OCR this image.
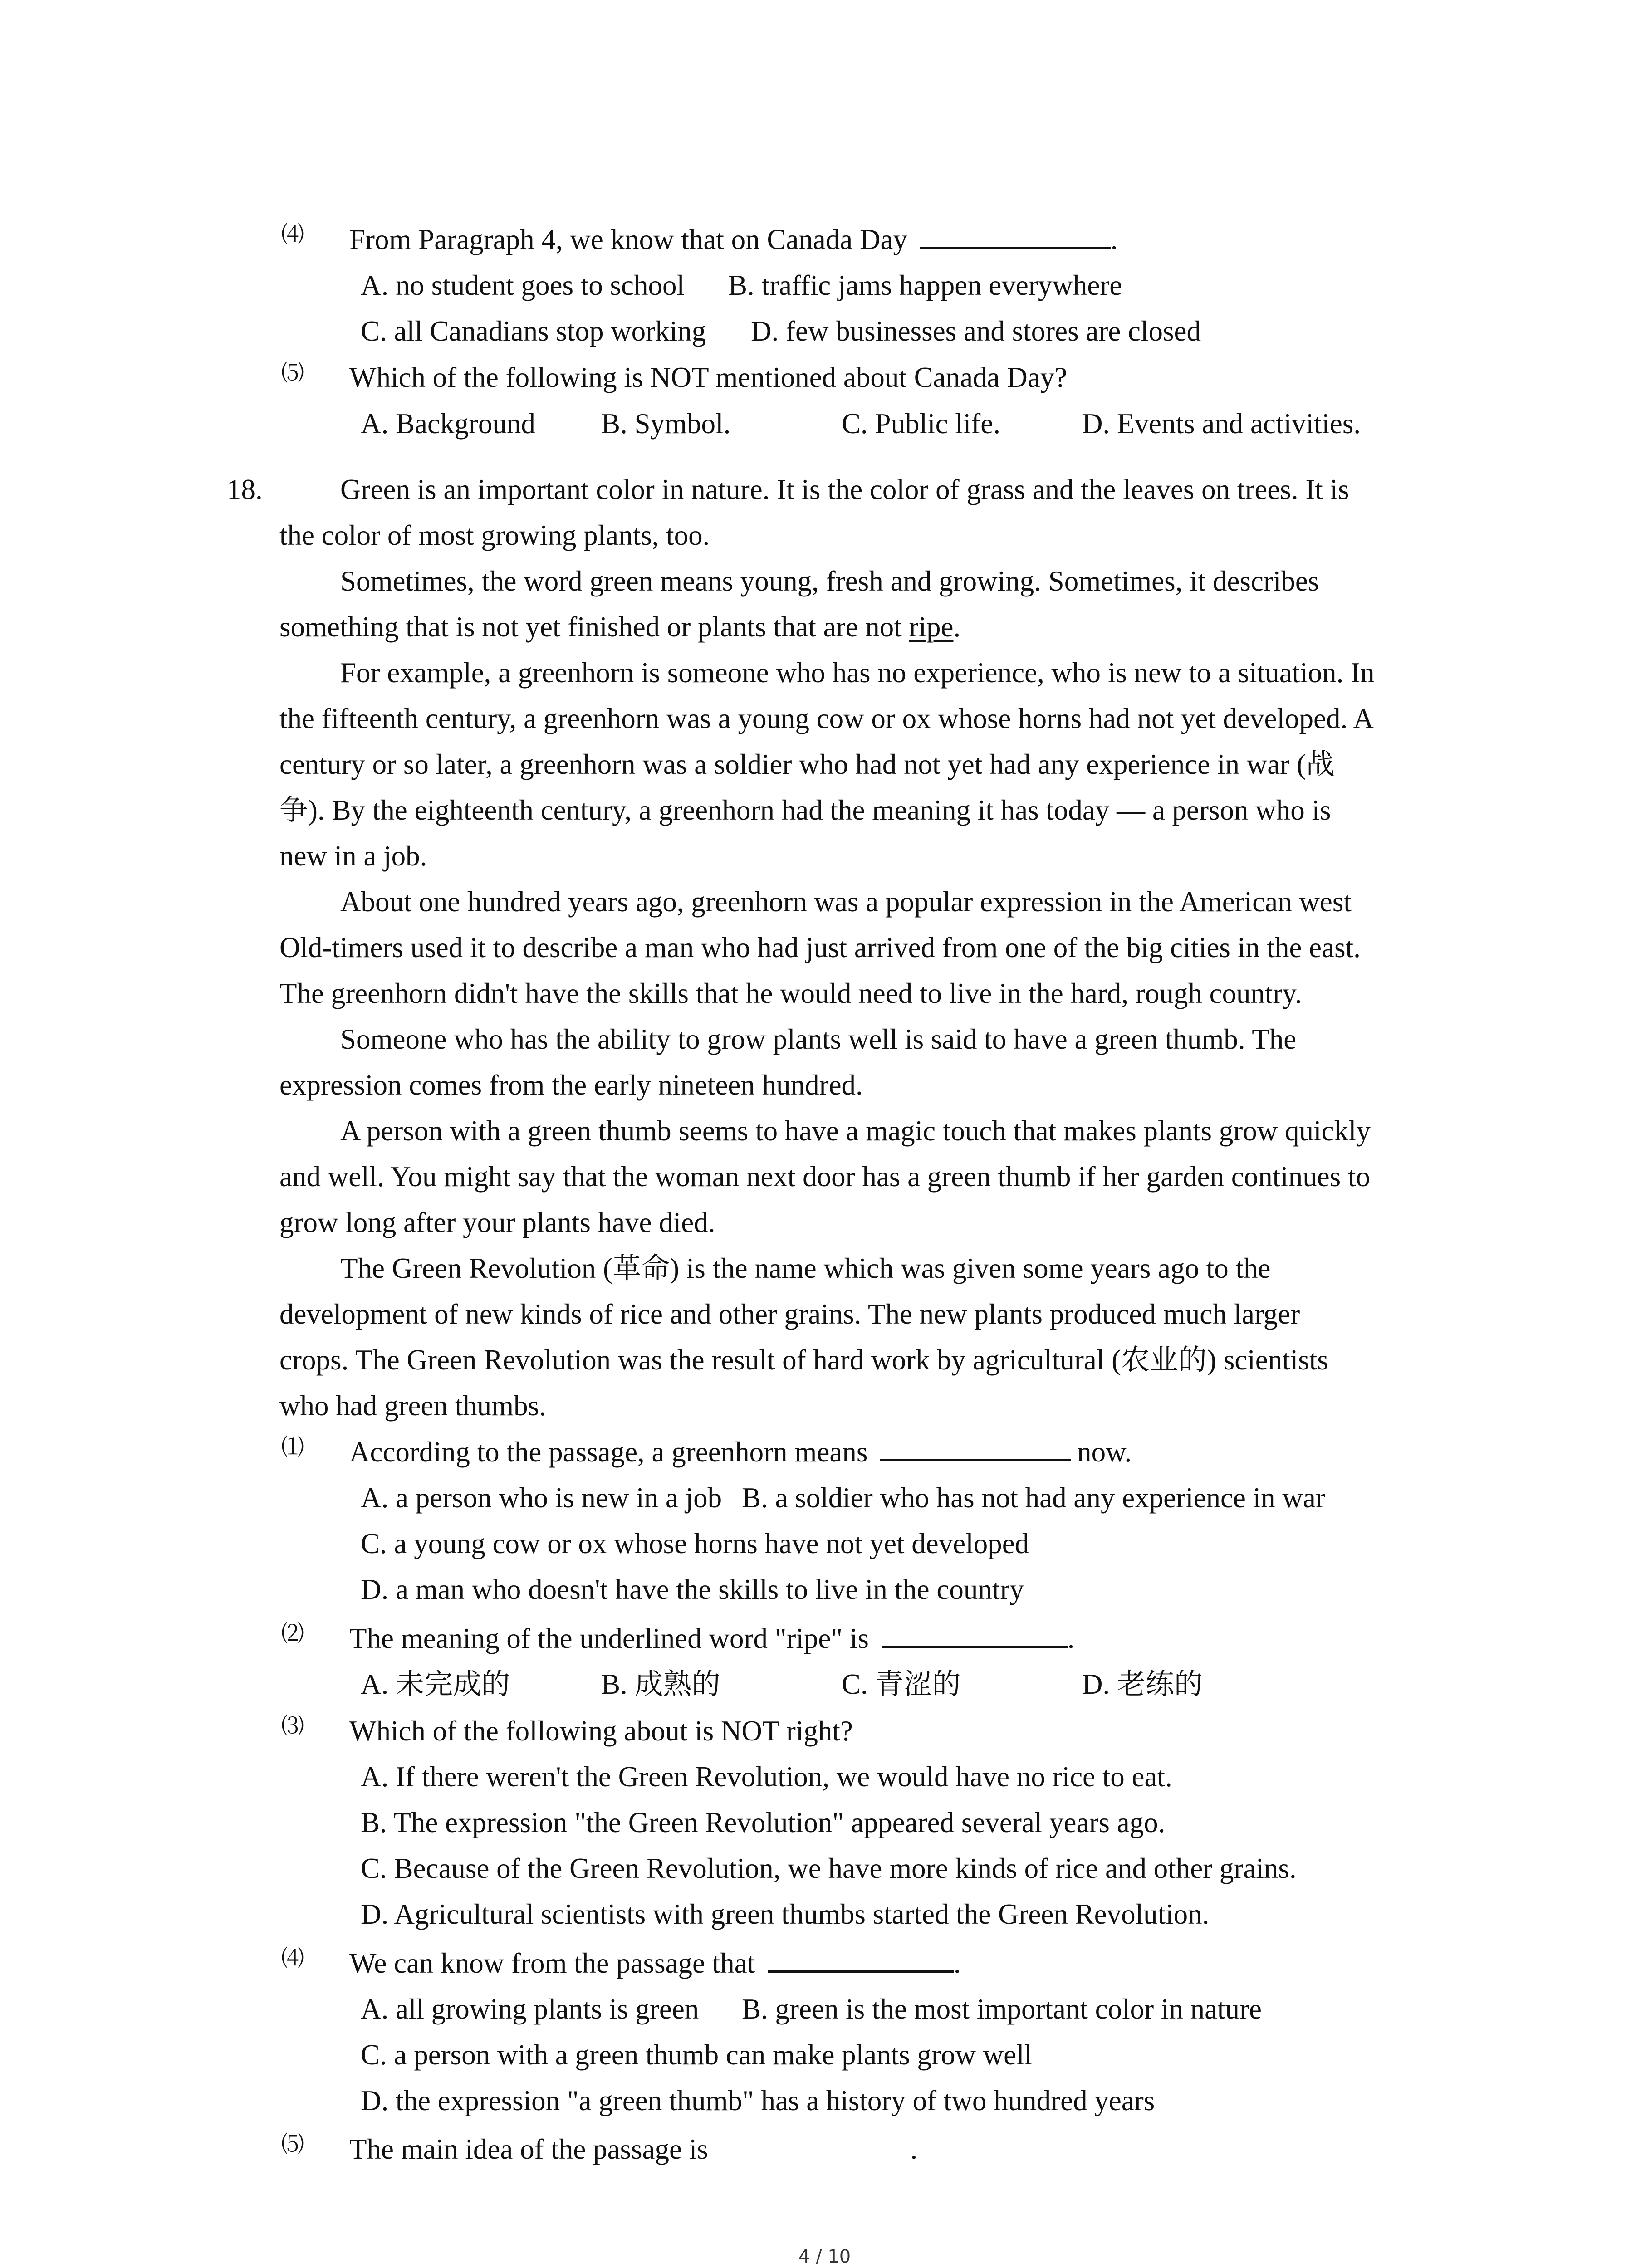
⑷ From Paragraph 4, we know that on Canada Day	.
A. no student goes to school B. traffic jams happen everywhere
C. all Canadians stop working D. few businesses and stores are closed
⑸ Which of the following is NOT mentioned about Canada Day?
A. Background B. Symbol.	C. Public life.	D. Events and activities.
18.	Green is an important color in nature. It is the color of grass and the leaves on trees. It is
the color of most growing plants, too.
Sometimes, the word green means young, fresh and growing. Sometimes, it describes
something that is not yet finished or plants that are not ripe.
For example, a greenhorn is someone who has no experience, who is new to a situation. In
the fifteenth century, a greenhorn was a young cow or ox whose horns had not yet developed. A
century or so later, a greenhorn was a soldier who had not yet had any experience in war (战
争). By the eighteenth century, a greenhorn had the meaning it has today — a person who is
new in a job.
About one hundred years ago, greenhorn was a popular expression in the American west
Old-timers used it to describe a man who had just arrived from one of the big cities in the east.
The greenhorn didn't have the skills that he would need to live in the hard, rough country.
Someone who has the ability to grow plants well is said to have a green thumb. The
expression comes from the early nineteen hundred.
A person with a green thumb seems to have a magic touch that makes plants grow quickly
and well. You might say that the woman next door has a green thumb if her garden continues to
grow long after your plants have died.
The Green Revolution (革命) is the name which was given some years ago to the
development of new kinds of rice and other grains. The new plants produced much larger
crops. The Green Revolution was the result of hard work by agricultural (农业的) scientists
who had green thumbs.
⑴ According to the passage, a greenhorn means	now.
A. a person who is new in a job B. a soldier who has not had any experience in war
C. a young cow or ox whose horns have not yet developed
D. a man who doesn't have the skills to live in the country
⑵ The meaning of the underlined word "ripe" is	.
A. 未完成的	B. 成熟的	C. 青涩的	D. 老练的
⑶ Which of the following about is NOT right?
A. If there weren't the Green Revolution, we would have no rice to eat.
B. The expression "the Green Revolution" appeared several years ago.
C. Because of the Green Revolution, we have more kinds of rice and other grains.
D. Agricultural scientists with green thumbs started the Green Revolution.
⑷ We can know from the passage that	.
A. all growing plants is green B. green is the most important color in nature
C. a person with a green thumb can make plants grow well
D. the expression "a green thumb" has a history of two hundred years
⑸ The main idea of the passage is	.
4 / 10
